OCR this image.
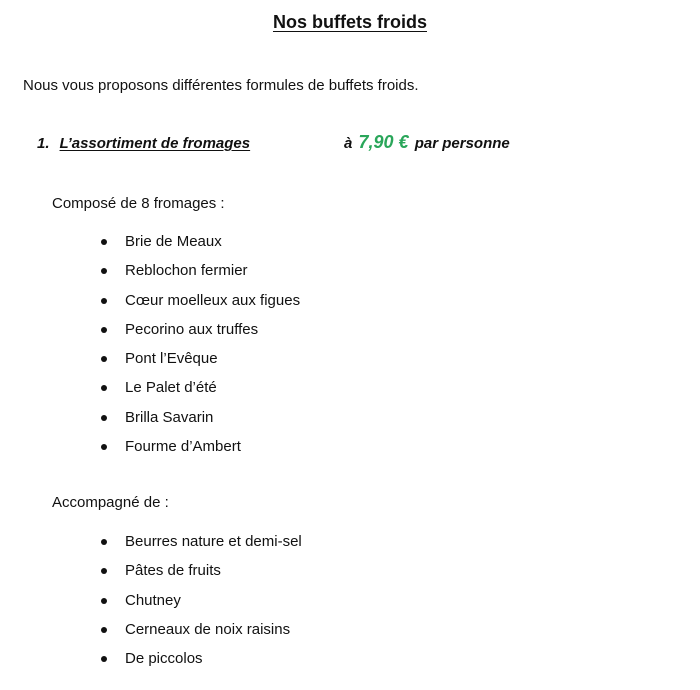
Nos buffets froids
Nous vous proposons différentes formules de buffets froids.
1. L’assortiment de fromages	à 7,90 € par personne
Composé de 8 fromages :
Brie de Meaux
Reblochon fermier
Cœur moelleux aux figues
Pecorino aux truffes
Pont l’Evêque
Le Palet d’été
Brilla Savarin
Fourme d’Ambert
Accompagné de :
Beurres nature et demi-sel
Pâtes de fruits
Chutney
Cerneaux de noix raisins
De piccolos
